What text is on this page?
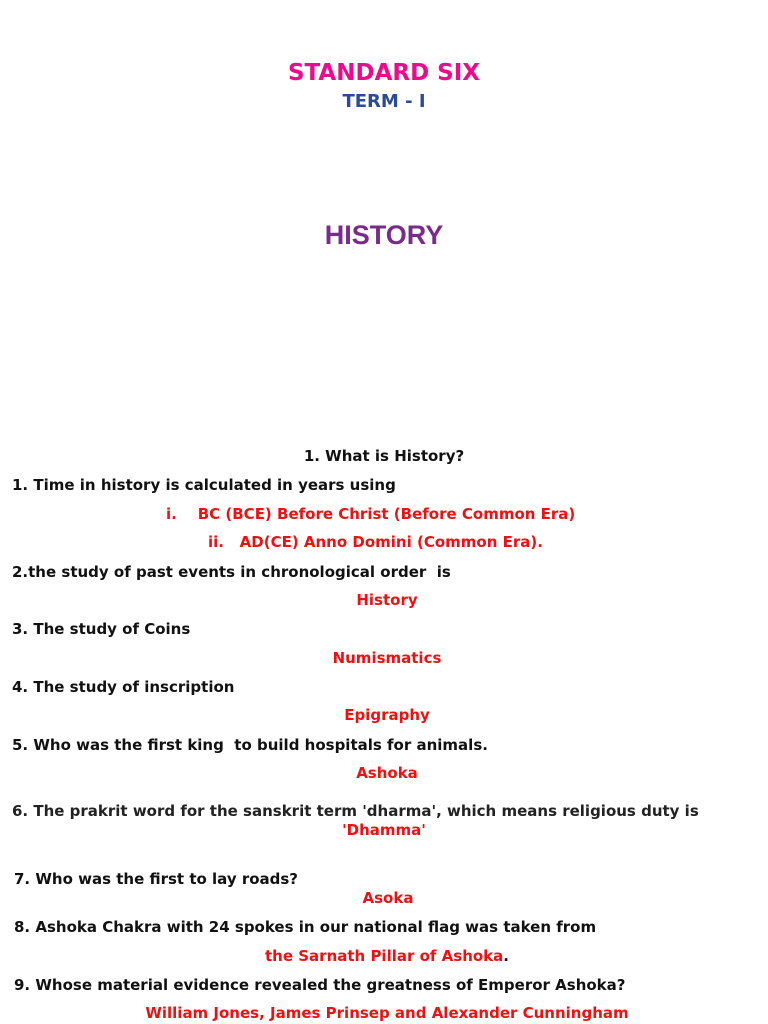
STANDARD SIX
TERM - I
HISTORY
1. What is History?
1. Time in history is calculated in years using
i.    BC (BCE) Before Christ (Before Common Era)
ii.   AD(CE) Anno Domini (Common Era).
2.the study of past events in chronological order  is
History
3. The study of Coins
Numismatics
4. The study of inscription
Epigraphy
5. Who was the first king  to build hospitals for animals.
Ashoka
6. The prakrit word for the sanskrit term 'dharma', which means religious duty is
'Dhamma'
7. Who was the first to lay roads?
Asoka
8. Ashoka Chakra with 24 spokes in our national flag was taken from
the Sarnath Pillar of Ashoka.
9. Whose material evidence revealed the greatness of Emperor Ashoka?
William Jones, James Prinsep and Alexander Cunningham
